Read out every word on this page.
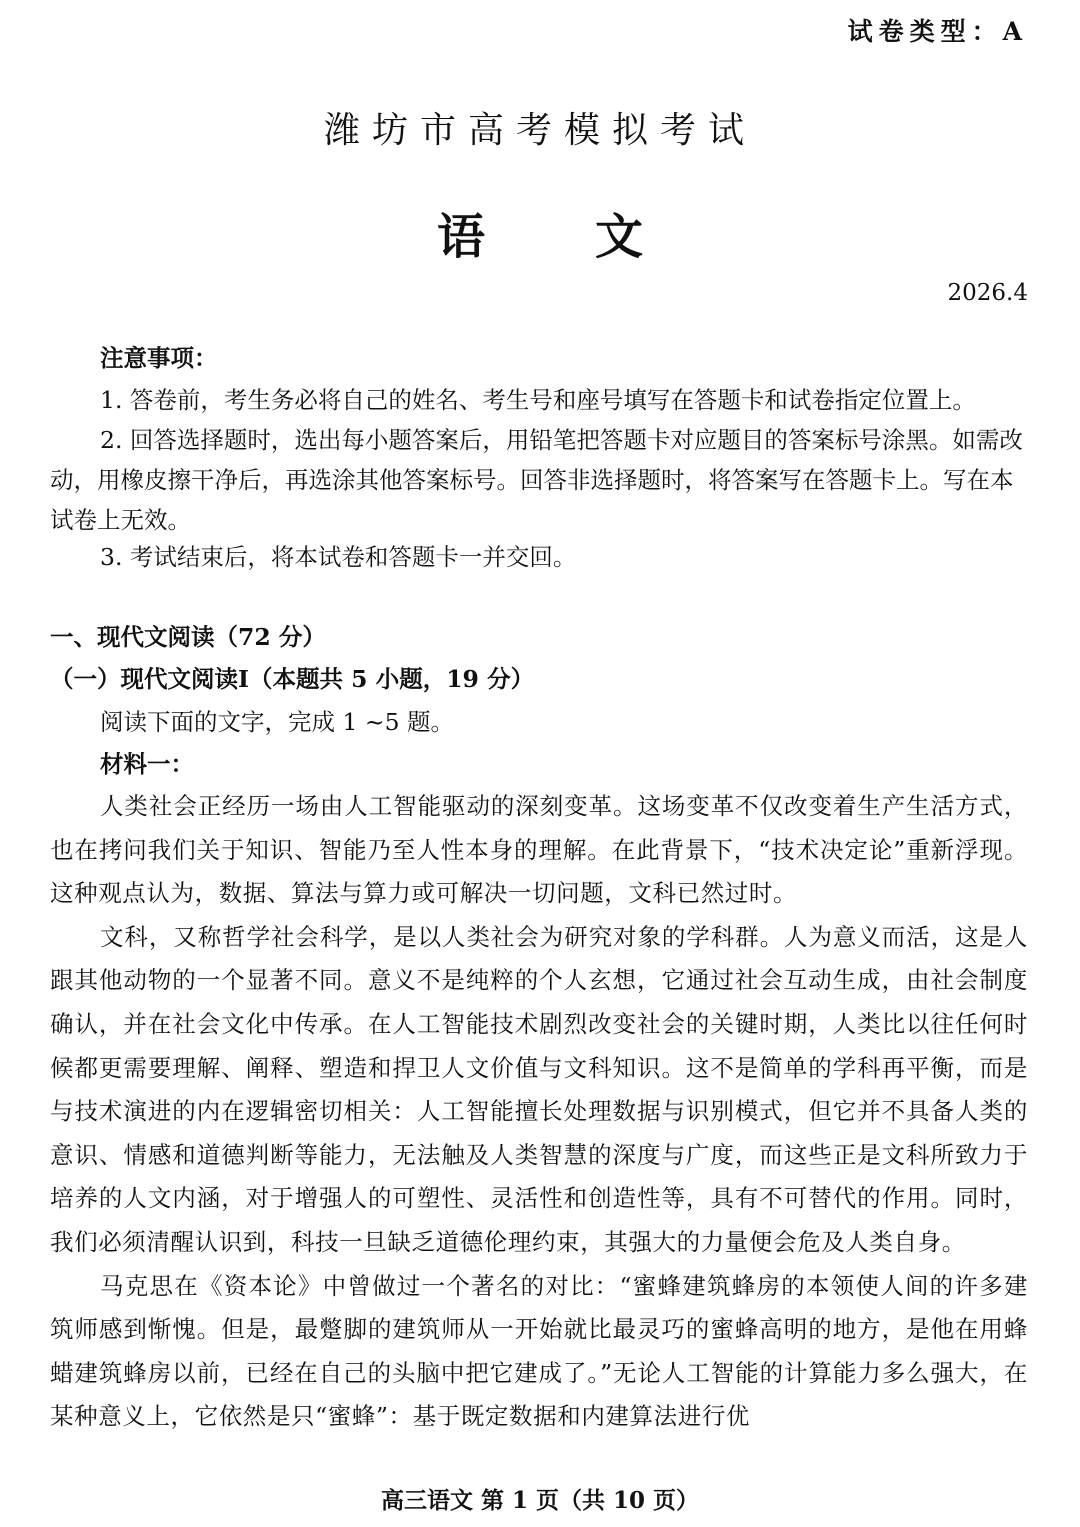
试卷类型：A
潍坊市高考模拟考试
语 文
2026.4
注意事项：
1. 答卷前，考生务必将自己的姓名、考生号和座号填写在答题卡和试卷指定位置上。
2. 回答选择题时，选出每小题答案后，用铅笔把答题卡对应题目的答案标号涂黑。如需改动，用橡皮擦干净后，再选涂其他答案标号。回答非选择题时，将答案写在答题卡上。写在本试卷上无效。
3. 考试结束后，将本试卷和答题卡一并交回。
一、现代文阅读（72 分）
（一）现代文阅读Ⅰ（本题共 5 小题，19 分）
阅读下面的文字，完成 1 ~5 题。
材料一：

人类社会正经历一场由人工智能驱动的深刻变革。这场变革不仅改变着生产生活方式，也在拷问我们关于知识、智能乃至人性本身的理解。在此背景下，“技术决定论”重新浮现。这种观点认为，数据、算法与算力或可解决一切问题，文科已然过时。

文科，又称哲学社会科学，是以人类社会为研究对象的学科群。人为意义而活，这是人跟其他动物的一个显著不同。意义不是纯粹的个人玄想，它通过社会互动生成，由社会制度确认，并在社会文化中传承。在人工智能技术剧烈改变社会的关键时期，人类比以往任何时候都更需要理解、阐释、塑造和捍卫人文价值与文科知识。这不是简单的学科再平衡，而是与技术演进的内在逻辑密切相关：人工智能擅长处理数据与识别模式，但它并不具备人类的意识、情感和道德判断等能力，无法触及人类智慧的深度与广度，而这些正是文科所致力于培养的人文内涵，对于增强人的可塑性、灵活性和创造性等，具有不可替代的作用。同时，我们必须清醒认识到，科技一旦缺乏道德伦理约束，其强大的力量便会危及人类自身。

马克思在《资本论》中曾做过一个著名的对比：“蜜蜂建筑蜂房的本领使人间的许多建筑师感到惭愧。但是，最蹩脚的建筑师从一开始就比最灵巧的蜜蜂高明的地方，是他在用蜂蜡建筑蜂房以前，已经在自己的头脑中把它建成了。”无论人工智能的计算能力多么强大，在某种意义上，它依然是只“蜜蜂”：基于既定数据和内建算法进行优

高三语文 第 1 页（共 10 页）
